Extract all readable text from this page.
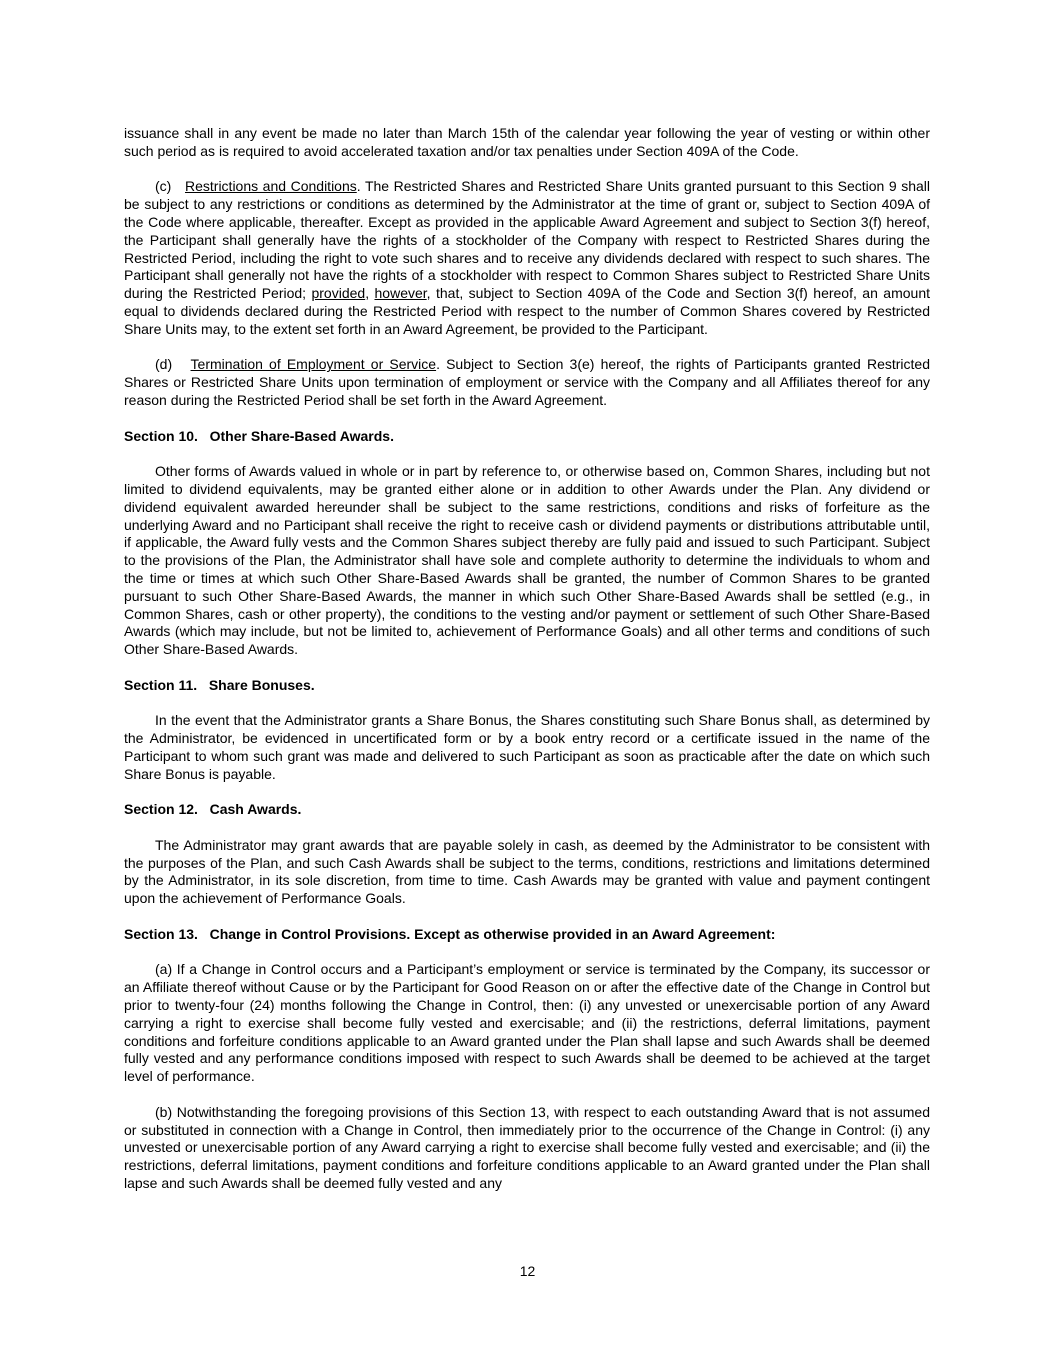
issuance shall in any event be made no later than March 15th of the calendar year following the year of vesting or within other such period as is required to avoid accelerated taxation and/or tax penalties under Section 409A of the Code.

(c) Restrictions and Conditions. The Restricted Shares and Restricted Share Units granted pursuant to this Section 9 shall be subject to any restrictions or conditions as determined by the Administrator at the time of grant or, subject to Section 409A of the Code where applicable, thereafter. Except as provided in the applicable Award Agreement and subject to Section 3(f) hereof, the Participant shall generally have the rights of a stockholder of the Company with respect to Restricted Shares during the Restricted Period, including the right to vote such shares and to receive any dividends declared with respect to such shares. The Participant shall generally not have the rights of a stockholder with respect to Common Shares subject to Restricted Share Units during the Restricted Period; provided, however, that, subject to Section 409A of the Code and Section 3(f) hereof, an amount equal to dividends declared during the Restricted Period with respect to the number of Common Shares covered by Restricted Share Units may, to the extent set forth in an Award Agreement, be provided to the Participant.

(d) Termination of Employment or Service. Subject to Section 3(e) hereof, the rights of Participants granted Restricted Shares or Restricted Share Units upon termination of employment or service with the Company and all Affiliates thereof for any reason during the Restricted Period shall be set forth in the Award Agreement.

Section 10.   Other Share-Based Awards.

Other forms of Awards valued in whole or in part by reference to, or otherwise based on, Common Shares, including but not limited to dividend equivalents, may be granted either alone or in addition to other Awards under the Plan. Any dividend or dividend equivalent awarded hereunder shall be subject to the same restrictions, conditions and risks of forfeiture as the underlying Award and no Participant shall receive the right to receive cash or dividend payments or distributions attributable until, if applicable, the Award fully vests and the Common Shares subject thereby are fully paid and issued to such Participant. Subject to the provisions of the Plan, the Administrator shall have sole and complete authority to determine the individuals to whom and the time or times at which such Other Share-Based Awards shall be granted, the number of Common Shares to be granted pursuant to such Other Share-Based Awards, the manner in which such Other Share-Based Awards shall be settled (e.g., in Common Shares, cash or other property), the conditions to the vesting and/or payment or settlement of such Other Share-Based Awards (which may include, but not be limited to, achievement of Performance Goals) and all other terms and conditions of such Other Share-Based Awards.

Section 11.   Share Bonuses.

In the event that the Administrator grants a Share Bonus, the Shares constituting such Share Bonus shall, as determined by the Administrator, be evidenced in uncertificated form or by a book entry record or a certificate issued in the name of the Participant to whom such grant was made and delivered to such Participant as soon as practicable after the date on which such Share Bonus is payable.

Section 12.   Cash Awards.

The Administrator may grant awards that are payable solely in cash, as deemed by the Administrator to be consistent with the purposes of the Plan, and such Cash Awards shall be subject to the terms, conditions, restrictions and limitations determined by the Administrator, in its sole discretion, from time to time. Cash Awards may be granted with value and payment contingent upon the achievement of Performance Goals.

Section 13.   Change in Control Provisions. Except as otherwise provided in an Award Agreement:

(a) If a Change in Control occurs and a Participant’s employment or service is terminated by the Company, its successor or an Affiliate thereof without Cause or by the Participant for Good Reason on or after the effective date of the Change in Control but prior to twenty-four (24) months following the Change in Control, then: (i) any unvested or unexercisable portion of any Award carrying a right to exercise shall become fully vested and exercisable; and (ii) the restrictions, deferral limitations, payment conditions and forfeiture conditions applicable to an Award granted under the Plan shall lapse and such Awards shall be deemed fully vested and any performance conditions imposed with respect to such Awards shall be deemed to be achieved at the target level of performance.

(b) Notwithstanding the foregoing provisions of this Section 13, with respect to each outstanding Award that is not assumed or substituted in connection with a Change in Control, then immediately prior to the occurrence of the Change in Control: (i) any unvested or unexercisable portion of any Award carrying a right to exercise shall become fully vested and exercisable; and (ii) the restrictions, deferral limitations, payment conditions and forfeiture conditions applicable to an Award granted under the Plan shall lapse and such Awards shall be deemed fully vested and any

12
